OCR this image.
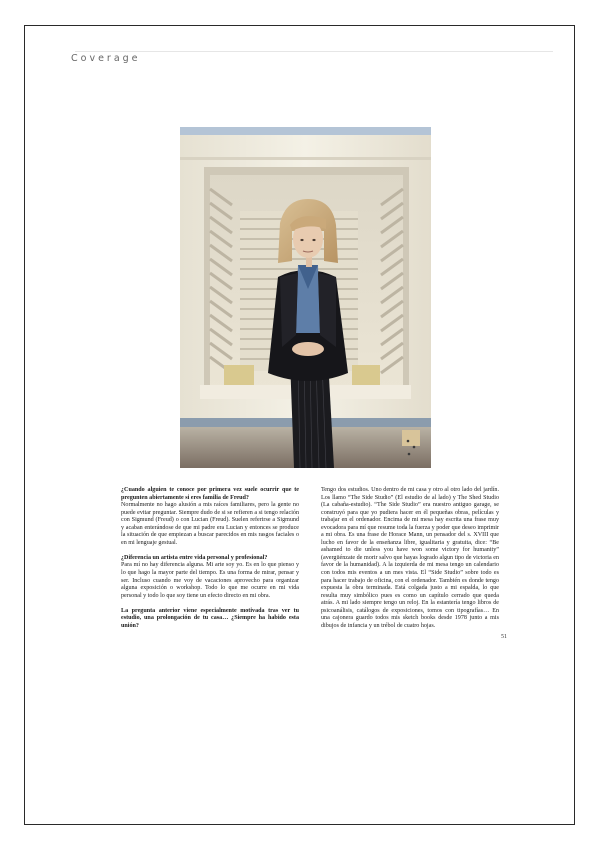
Coverage

¿Cuando alguien te conoce por primera vez suele ocurrir que te pregunten abiertamente si eres familia de Freud?

Normalmente no hago alusión a mis raíces familiares, pero la gente no puede evitar preguntar. Siempre dudo de si se refieren a si tengo relación con Sigmund (Freud) o con Lucian (Freud). Suelen referirse a Sigmund y acaban enterándose de que mi padre era Lucian y entonces se produce la situación de que empiezan a buscar parecidos en mis rasgos faciales o en mi lenguaje gestual.

¿Diferencia un artista entre vida personal y profesional?

Para mí no hay diferencia alguna. Mi arte soy yo. Es en lo que pienso y lo que hago la mayor parte del tiempo. Es una forma de mirar, pensar y ser. Incluso cuando me voy de vacaciones aprovecho para organizar alguna exposición o workshop. Todo lo que me ocurre en mi vida personal y todo lo que soy tiene un efecto directo en mi obra.

La pregunta anterior viene especialmente motivada tras ver tu estudio, una prolongación de tu casa… ¿Siempre ha habido esta unión?

Tengo dos estudios. Uno dentro de mi casa y otro al otro lado del jardín. Los llamo “The Side Studio” (El estudio de al lado) y The Shed Studio (La cabaña-estudio). “The Side Studio” era nuestro antiguo garage, se construyó para que yo pudiera hacer en él pequeñas obras, películas y trabajar en el ordenador. Encima de mi mesa hay escrita una frase muy evocadora para mí que resume toda la fuerza y poder que deseo imprimir a mi obra. Es una frase de Horace Mann, un pensador del s. XVIII que lucho en favor de la enseñanza libre, igualitaria y gratuita, dice: “Be ashamed to die unless you have won some victory for humanity” (avergüénzate de morir salvo que hayas logrado algun tipo de victoria en favor de la humanidad). A la izquierda de mi mesa tengo un calendario con todos mis eventos a un mes vista. El “Side Studio” sobre todo es para hacer trabajo de oficina, con el ordenador. También es donde tengo expuesta la obra terminada. Está colgada justo a mi espalda, lo que resulta muy simbólico pues es como un capítulo cerrado que queda atrás. A mi lado siempre tengo un reloj. En la estantería tengo libros de psicoanálisis, catálogos de exposiciones, tomos con tipografías… En una cajonera guardo todos mis sketch books desde 1978 junto a mis dibujos de infancia y un trébol de cuatro hojas.

51
